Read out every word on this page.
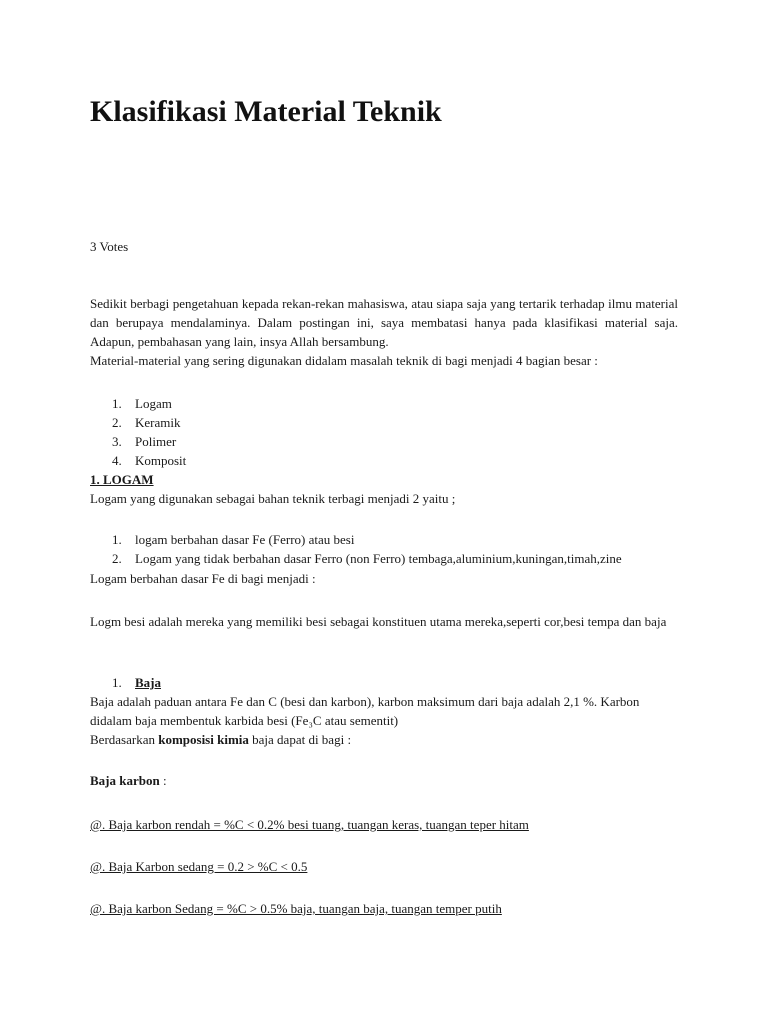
Klasifikasi Material Teknik
3 Votes

Sedikit berbagi pengetahuan kepada rekan-rekan mahasiswa, atau siapa saja yang tertarik terhadap ilmu material dan berupaya mendalaminya. Dalam postingan ini, saya membatasi hanya pada klasifikasi material saja. Adapun, pembahasan yang lain, insya Allah bersambung.

Material-material yang sering digunakan didalam masalah teknik di bagi menjadi 4 bagian besar :

1. Logam
2. Keramik
3. Polimer
4. Komposit
1. LOGAM
Logam yang digunakan sebagai bahan teknik terbagi menjadi 2 yaitu ;
1. logam berbahan dasar Fe (Ferro) atau besi
2. Logam yang tidak berbahan dasar Ferro (non Ferro) tembaga,aluminium,kuningan,timah,zine
Logam berbahan dasar Fe di bagi menjadi :
Logm besi adalah mereka yang memiliki besi sebagai konstituen utama mereka,seperti cor,besi tempa dan baja
1. Baja
Baja adalah paduan antara Fe dan C (besi dan karbon), karbon maksimum dari baja adalah 2,1 %. Karbon didalam baja membentuk karbida besi (Fe₃C atau sementit)
Berdasarkan komposisi kimia baja dapat di bagi :
Baja karbon :
@. Baja karbon rendah = %C < 0.2% besi tuang, tuangan keras, tuangan teper hitam
@. Baja Karbon sedang = 0.2 > %C < 0.5
@. Baja karbon Sedang = %C > 0.5% baja, tuangan baja, tuangan temper putih
